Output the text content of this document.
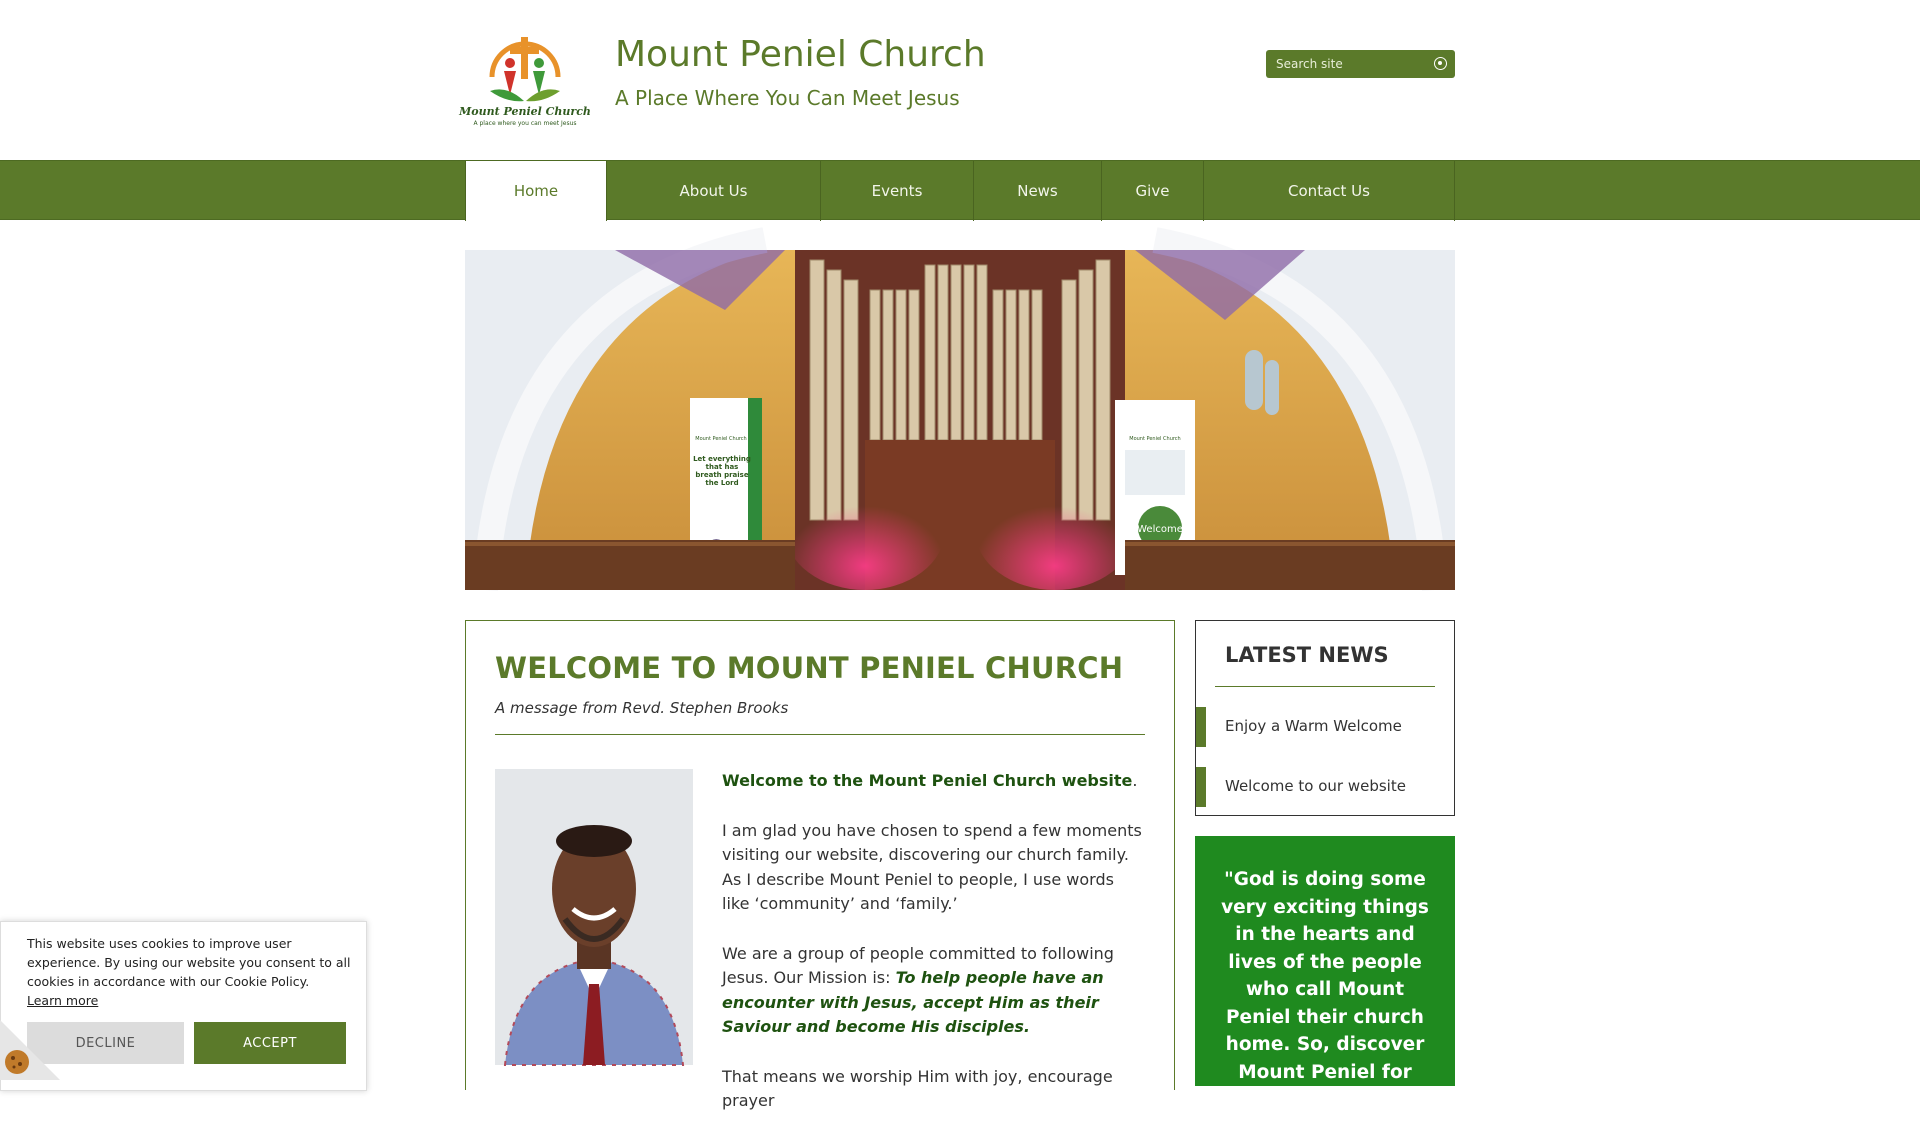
Mount Peniel Church
A place where you can meet Jesus
Mount Peniel Church
A Place Where You Can Meet Jesus
Search site
Home	About Us	Events	News	Give	Contact Us
Mount Peniel Church
Let everything that has breath praise the Lord
Mount Peniel Church
Welcome
WELCOME TO MOUNT PENIEL CHURCH
A message from Revd. Stephen Brooks

Welcome to the Mount Peniel Church website.

I am glad you have chosen to spend a few moments visiting our website, discovering our church family. As I describe Mount Peniel to people, I use words like ‘community’ and ‘family.’

We are a group of people committed to following Jesus. Our Mission is: To help people have an encounter with Jesus, accept Him as their Saviour and become His disciples.

That means we worship Him with joy, encourage prayer

LATEST NEWS
Enjoy a Warm Welcome
Welcome to our website
"God is doing some very exciting things in the hearts and lives of the people who call Mount Peniel their church home. So, discover Mount Peniel for yourself! Who knows...
This website uses cookies to improve user experience. By using our website you consent to all cookies in accordance with our Cookie Policy.
Learn more
DECLINE	ACCEPT
